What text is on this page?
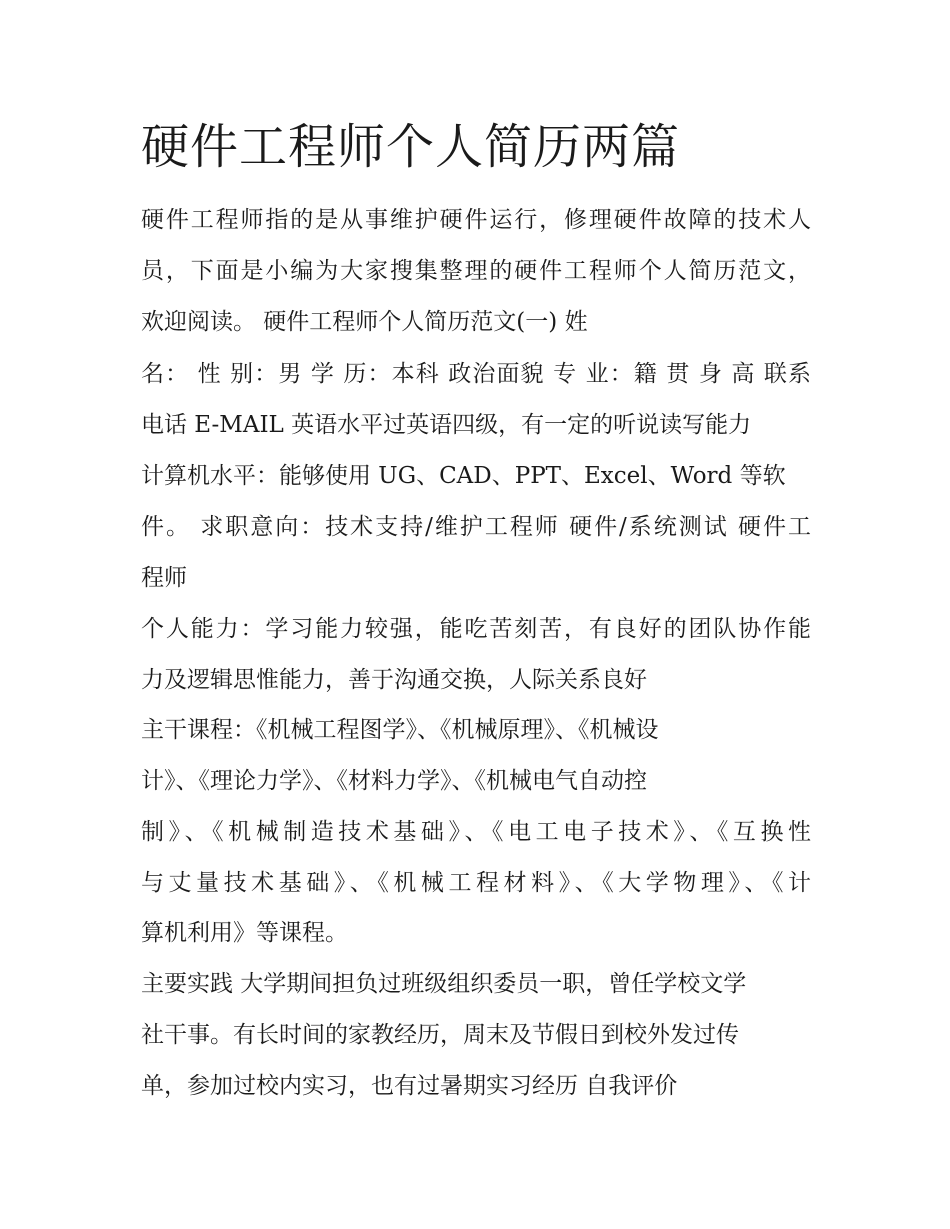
硬件工程师个人简历两篇

硬件工程师指的是从事维护硬件运行，修理硬件故障的技术人

员，下面是小编为大家搜集整理的硬件工程师个人简历范文，

欢迎阅读。 硬件工程师个人简历范文(一) 姓

名： 性 别：男 学 历：本科 政治面貌 专 业：籍 贯 身 高 联系

电话 E-MAIL 英语水平过英语四级，有一定的听说读写能力

计算机水平：能够使用 UG、CAD、PPT、Excel、Word 等软

件。 求职意向：技术支持/维护工程师 硬件/系统测试 硬件工

程师

个人能力：学习能力较强，能吃苦刻苦，有良好的团队协作能

力及逻辑思惟能力，善于沟通交换，人际关系良好

主干课程：《机械工程图学》、《机械原理》、《机械设

计》、《理论力学》、《材料力学》、《机械电气自动控

制》、《机械制造技术基础》、《电工电子技术》、《互换性

与丈量技术基础》、《机械工程材料》、《大学物理》、《计

算机利用》等课程。

主要实践 大学期间担负过班级组织委员一职，曾任学校文学

社干事。有长时间的家教经历，周末及节假日到校外发过传

单，参加过校内实习，也有过暑期实习经历 自我评价
